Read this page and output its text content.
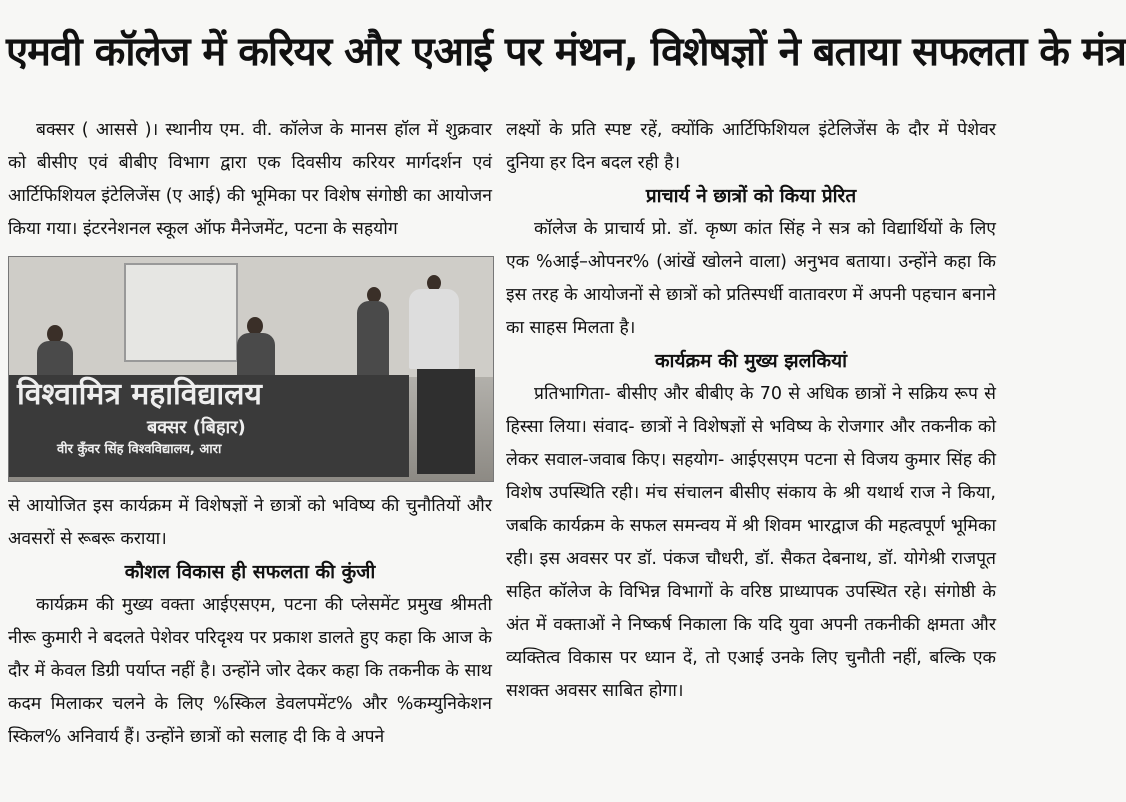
एमवी कॉलेज में करियर और एआई पर मंथन, विशेषज्ञों ने बताया सफलता के मंत्र

बक्सर ( आससे )। स्थानीय एम. वी. कॉलेज के मानस हॉल में शुक्रवार को बीसीए एवं बीबीए विभाग द्वारा एक दिवसीय करियर मार्गदर्शन एवं आर्टिफिशियल इंटेलिजेंस (ए आई) की भूमिका पर विशेष संगोष्ठी का आयोजन किया गया। इंटरनेशनल स्कूल ऑफ मैनेजमेंट, पटना के सहयोग

विश्वामित्र महाविद्यालय
बक्सर (बिहार)
वीर कुँवर सिंह विश्वविद्यालय, आरा

से आयोजित इस कार्यक्रम में विशेषज्ञों ने छात्रों को भविष्य की चुनौतियों और अवसरों से रूबरू कराया।

कौशल विकास ही सफलता की कुंजी

कार्यक्रम की मुख्य वक्ता आईएसएम, पटना की प्लेसमेंट प्रमुख श्रीमती नीरू कुमारी ने बदलते पेशेवर परिदृश्य पर प्रकाश डालते हुए कहा कि आज के दौर में केवल डिग्री पर्याप्त नहीं है। उन्होंने जोर देकर कहा कि तकनीक के साथ कदम मिलाकर चलने के लिए %स्किल डेवलपमेंट% और %कम्युनिकेशन स्किल% अनिवार्य हैं। उन्होंने छात्रों को सलाह दी कि वे अपने

लक्ष्यों के प्रति स्पष्ट रहें, क्योंकि आर्टिफिशियल इंटेलिजेंस के दौर में पेशेवर दुनिया हर दिन बदल रही है।

प्राचार्य ने छात्रों को किया प्रेरित

कॉलेज के प्राचार्य प्रो. डॉ. कृष्ण कांत सिंह ने सत्र को विद्यार्थियों के लिए एक %आई–ओपनर% (आंखें खोलने वाला) अनुभव बताया। उन्होंने कहा कि इस तरह के आयोजनों से छात्रों को प्रतिस्पर्धी वातावरण में अपनी पहचान बनाने का साहस मिलता है।

कार्यक्रम की मुख्य झलकियां

प्रतिभागिता- बीसीए और बीबीए के 70 से अधिक छात्रों ने सक्रिय रूप से हिस्सा लिया। संवाद- छात्रों ने विशेषज्ञों से भविष्य के रोजगार और तकनीक को लेकर सवाल-जवाब किए। सहयोग- आईएसएम पटना से विजय कुमार सिंह की विशेष उपस्थिति रही। मंच संचालन बीसीए संकाय के श्री यथार्थ राज ने किया, जबकि कार्यक्रम के सफल समन्वय में श्री शिवम भारद्वाज की महत्वपूर्ण भूमिका रही। इस अवसर पर डॉ. पंकज चौधरी, डॉ. सैकत देबनाथ, डॉ. योगेश्री राजपूत सहित कॉलेज के विभिन्न विभागों के वरिष्ठ प्राध्यापक उपस्थित रहे। संगोष्ठी के अंत में वक्ताओं ने निष्कर्ष निकाला कि यदि युवा अपनी तकनीकी क्षमता और व्यक्तित्व विकास पर ध्यान दें, तो एआई उनके लिए चुनौती नहीं, बल्कि एक सशक्त अवसर साबित होगा।
